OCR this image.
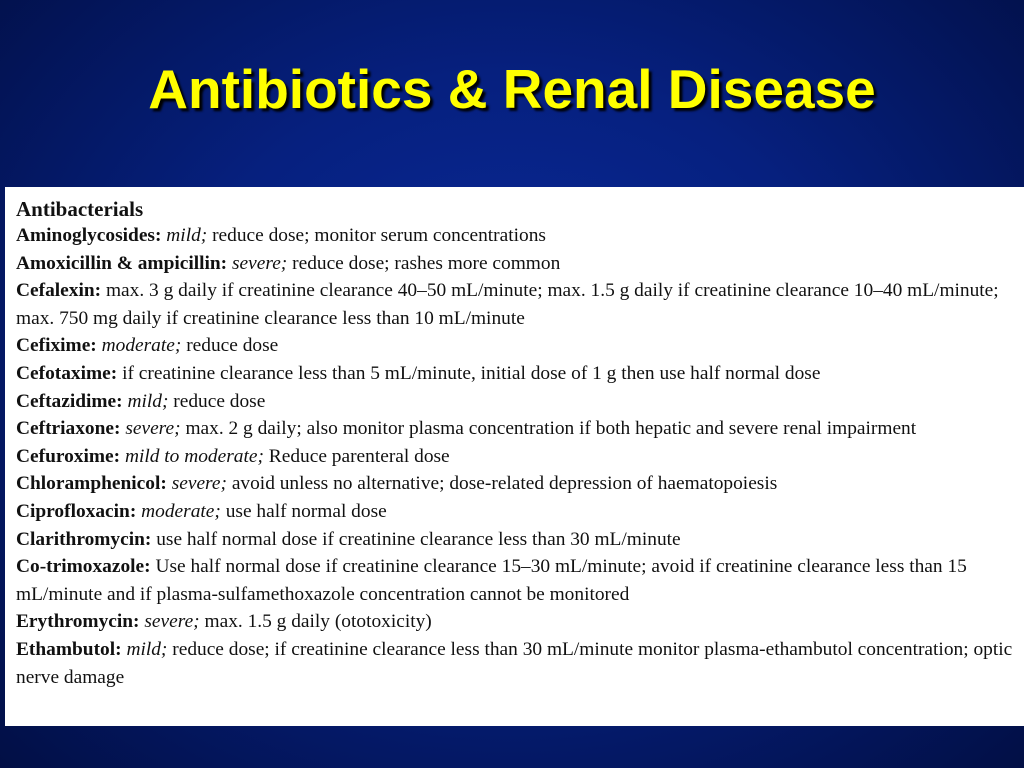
Antibiotics & Renal Disease
Antibacterials
Aminoglycosides: mild; reduce dose; monitor serum concentrations
Amoxicillin & ampicillin: severe; reduce dose; rashes more common
Cefalexin: max. 3 g daily if creatinine clearance 40–50 mL/minute; max. 1.5 g daily if creatinine clearance 10–40 mL/minute; max. 750 mg daily if creatinine clearance less than 10 mL/minute
Cefixime: moderate; reduce dose
Cefotaxime: if creatinine clearance less than 5 mL/minute, initial dose of 1 g then use half normal dose
Ceftazidime: mild; reduce dose
Ceftriaxone: severe; max. 2 g daily; also monitor plasma concentration if both hepatic and severe renal impairment
Cefuroxime: mild to moderate; Reduce parenteral dose
Chloramphenicol: severe; avoid unless no alternative; dose-related depression of haematopoiesis
Ciprofloxacin: moderate; use half normal dose
Clarithromycin: use half normal dose if creatinine clearance less than 30 mL/minute
Co-trimoxazole: Use half normal dose if creatinine clearance 15–30 mL/minute; avoid if creatinine clearance less than 15 mL/minute and if plasma-sulfamethoxazole concentration cannot be monitored
Erythromycin: severe; max. 1.5 g daily (ototoxicity)
Ethambutol: mild; reduce dose; if creatinine clearance less than 30 mL/minute monitor plasma-ethambutol concentration; optic nerve damage
